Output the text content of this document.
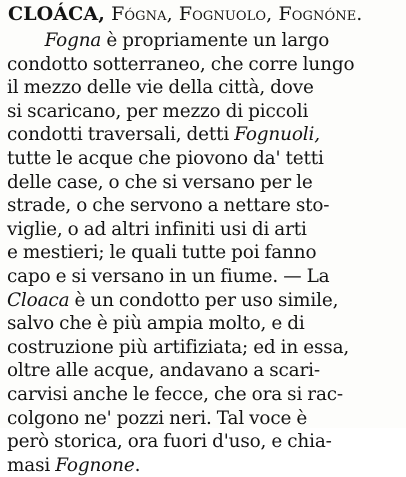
CLOÁCA, Fógna, Fognuolo, Fognóne.
Fogna è propriamente un largo
condotto sotterraneo, che corre lungo
il mezzo delle vie della città, dove
si scaricano, per mezzo di piccoli
condotti traversali, detti Fognuoli,
tutte le acque che piovono da' tetti
delle case, o che si versano per le
strade, o che servono a nettare sto-
viglie, o ad altri infiniti usi di arti
e mestieri; le quali tutte poi fanno
capo e si versano in un fiume. — La
Cloaca è un condotto per uso simile,
salvo che è più ampia molto, e di
costruzione più artifiziata; ed in essa,
oltre alle acque, andavano a scari-
carvisi anche le fecce, che ora si rac-
colgono ne' pozzi neri. Tal voce è
però storica, ora fuori d'uso, e chia-
masi Fognone.
